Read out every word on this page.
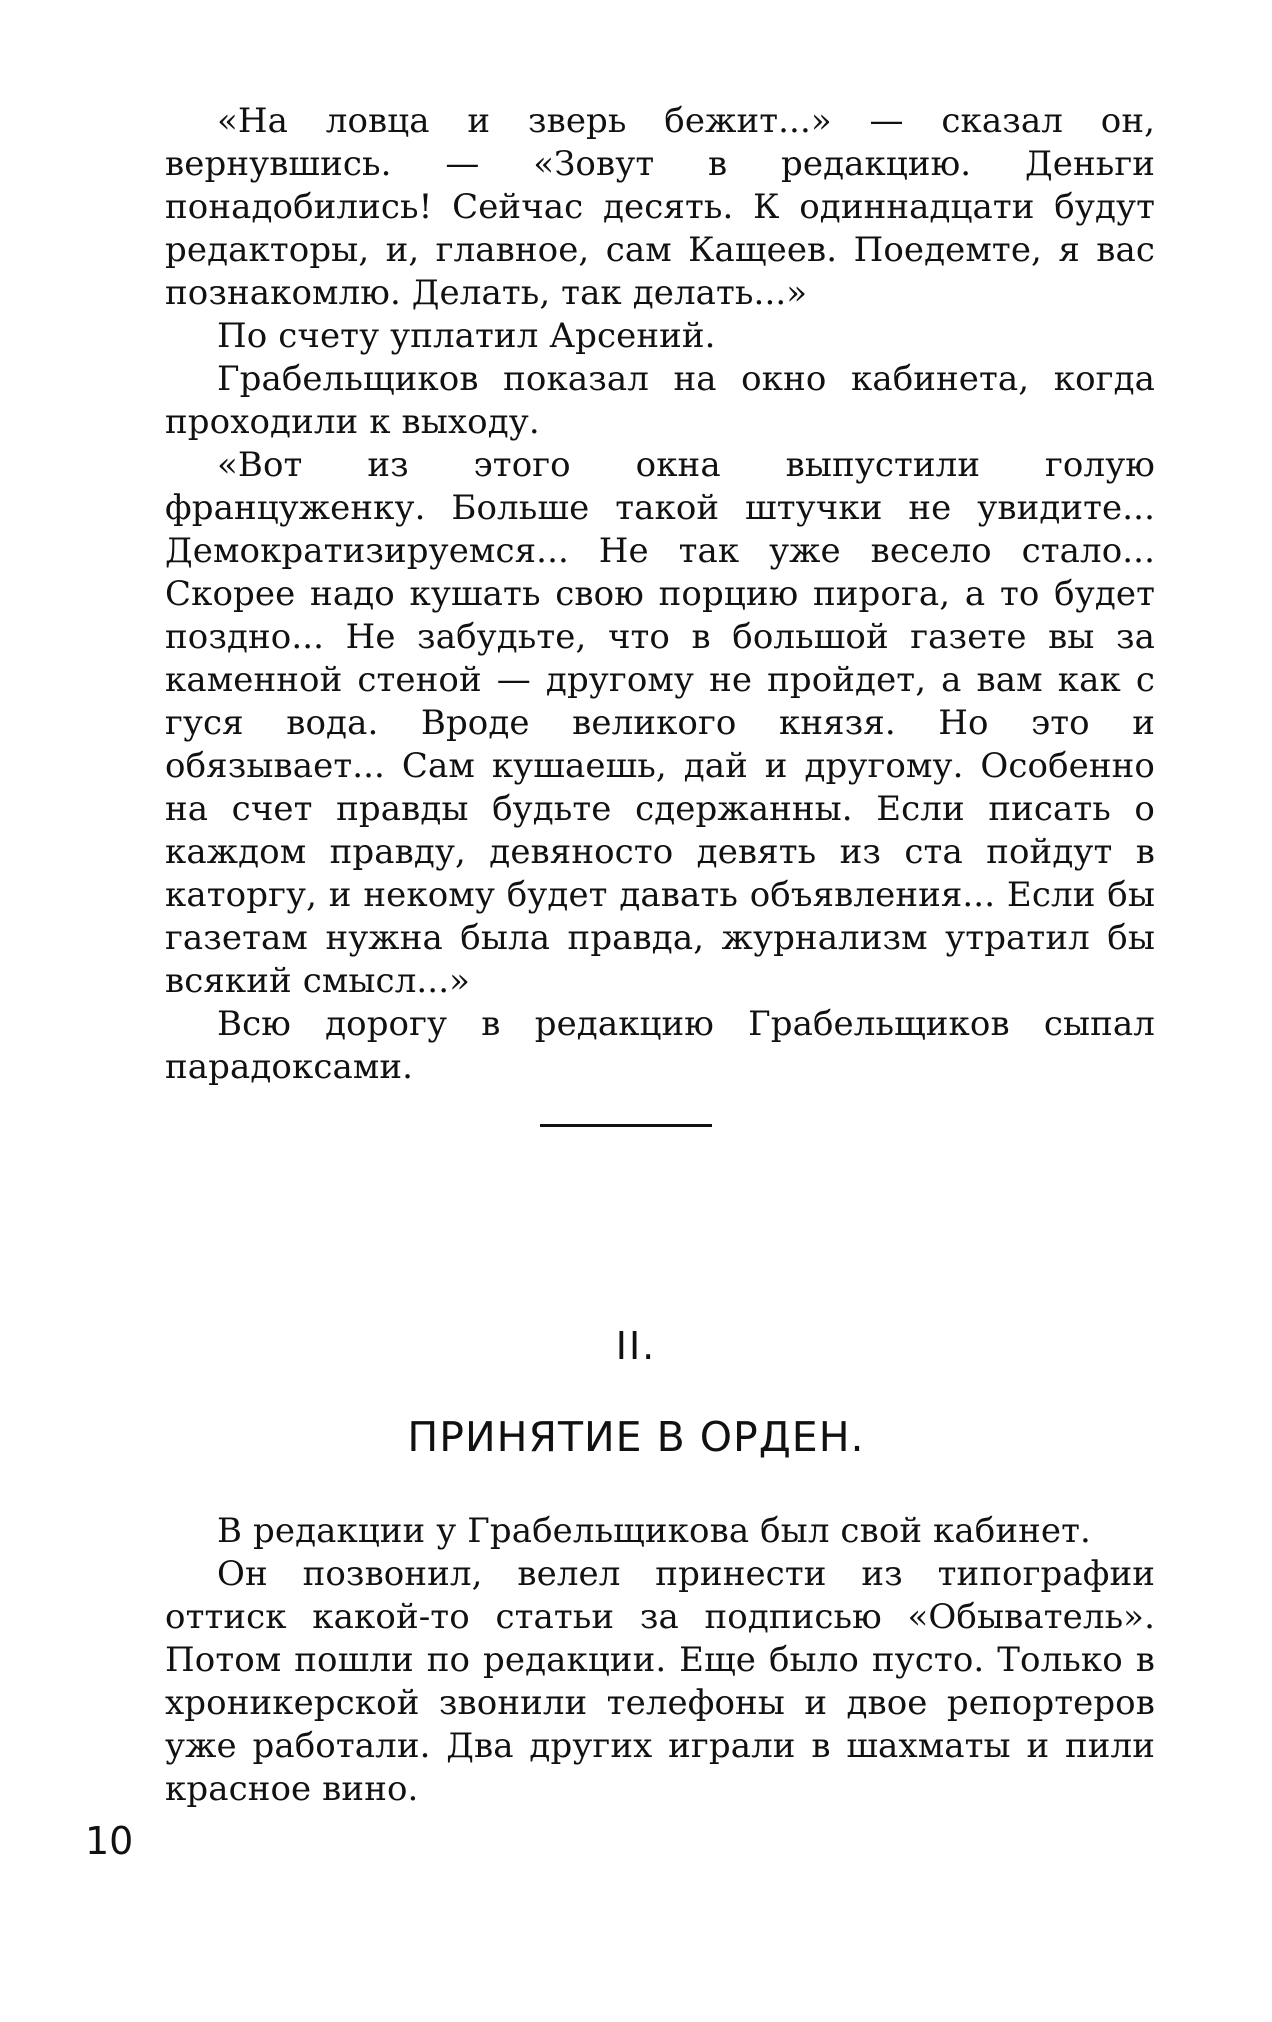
«На ловца и зверь бежит...» — сказал он, вернувшись. — «Зовут в редакцию. Деньги понадобились! Сейчас десять. К одиннадцати будут редакторы, и, главное, сам Кащеев. Поедемте, я вас познакомлю. Делать, так делать...»

По счету уплатил Арсений.

Грабельщиков показал на окно кабинета, когда проходили к выходу.

«Вот из этого окна выпустили голую француженку. Больше такой штучки не увидите... Демократизируемся... Не так уже весело стало... Скорее надо кушать свою порцию пирога, а то будет поздно... Не забудьте, что в большой газете вы за каменной стеной — другому не пройдет, а вам как с гуся вода. Вроде великого князя. Но это и обязывает... Сам кушаешь, дай и другому. Особенно на счет правды будьте сдержанны. Если писать о каждом правду, девяносто девять из ста пойдут в каторгу, и некому будет давать объявления... Если бы газетам нужна была правда, журнализм утратил бы всякий смысл...»

Всю дорогу в редакцию Грабельщиков сыпал парадоксами.

II.
ПРИНЯТИЕ В ОРДЕН.

В редакции у Грабельщикова был свой кабинет.

Он позвонил, велел принести из типографии оттиск какой-то статьи за подписью «Обыватель». Потом пошли по редакции. Еще было пусто. Только в хроникерской звонили телефоны и двое репортеров уже работали. Два других играли в шахматы и пили красное вино.

10
